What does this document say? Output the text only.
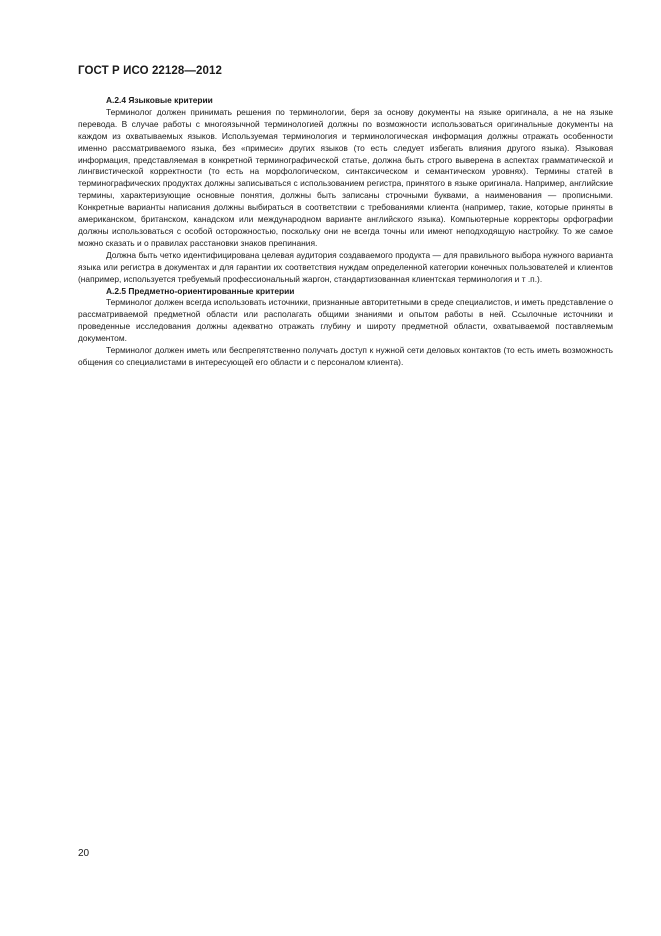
ГОСТ Р ИСО 22128—2012

А.2.4 Языковые критерии

Терминолог должен принимать решения по терминологии, беря за основу документы на языке оригинала, а не на языке перевода. В случае работы с многоязычной терминологией должны по возможности использоваться оригинальные документы на каждом из охватываемых языков. Используемая терминология и терминологическая информация должны отражать особенности именно рассматриваемого языка, без «примеси» других языков (то есть следует избегать влияния другого языка). Языковая информация, представляемая в конкретной терминографической статье, должна быть строго выверена в аспектах грамматической и лингвистической корректности (то есть на морфологическом, синтаксическом и семантическом уровнях). Термины статей в терминографических продуктах должны записываться с использованием регистра, принятого в языке оригинала. Например, английские термины, характеризующие основные понятия, должны быть записаны строчными буквами, а наименования — прописными. Конкретные варианты написания должны выбираться в соответствии с требованиями клиента (например, такие, которые приняты в американском, британском, канадском или международном варианте английского языка). Компьютерные корректоры орфографии должны использоваться с особой осторожностью, поскольку они не всегда точны или имеют неподходящую настройку. То же самое можно сказать и о правилах расстановки знаков препинания.

Должна быть четко идентифицирована целевая аудитория создаваемого продукта — для правильного выбора нужного варианта языка или регистра в документах и для гарантии их соответствия нуждам определенной категории конечных пользователей и клиентов (например, используется требуемый профессиональный жаргон, стандартизованная клиентская терминология и т .п.).

А.2.5 Предметно-ориентированные критерии

Терминолог должен всегда использовать источники, признанные авторитетными в среде специалистов, и иметь представление о рассматриваемой предметной области или располагать общими знаниями и опытом работы в ней. Ссылочные источники и проведенные исследования должны адекватно отражать глубину и широту предметной области, охватываемой поставляемым документом.

Терминолог должен иметь или беспрепятственно получать доступ к нужной сети деловых контактов (то есть иметь возможность общения со специалистами в интересующей его области и с персоналом клиента).

20
